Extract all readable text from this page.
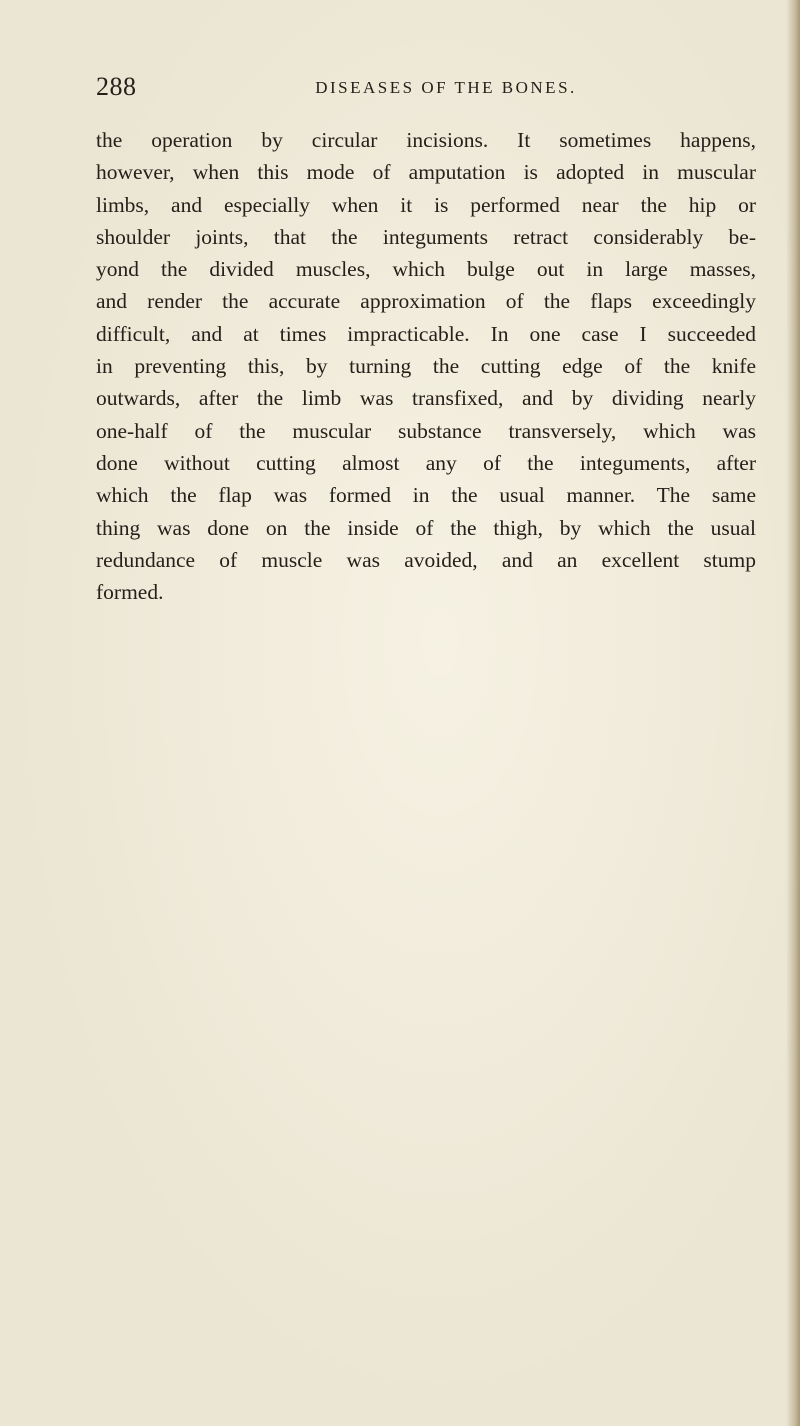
288	DISEASES OF THE BONES.
the operation by circular incisions. It sometimes happens,
however, when this mode of amputation is adopted in muscular
limbs, and especially when it is performed near the hip or
shoulder joints, that the integuments retract considerably be-
yond the divided muscles, which bulge out in large masses,
and render the accurate approximation of the flaps exceedingly
difficult, and at times impracticable. In one case I succeeded
in preventing this, by turning the cutting edge of the knife
outwards, after the limb was transfixed, and by dividing nearly
one-half of the muscular substance transversely, which was
done without cutting almost any of the integuments, after
which the flap was formed in the usual manner. The same
thing was done on the inside of the thigh, by which the usual
redundance of muscle was avoided, and an excellent stump
formed.
